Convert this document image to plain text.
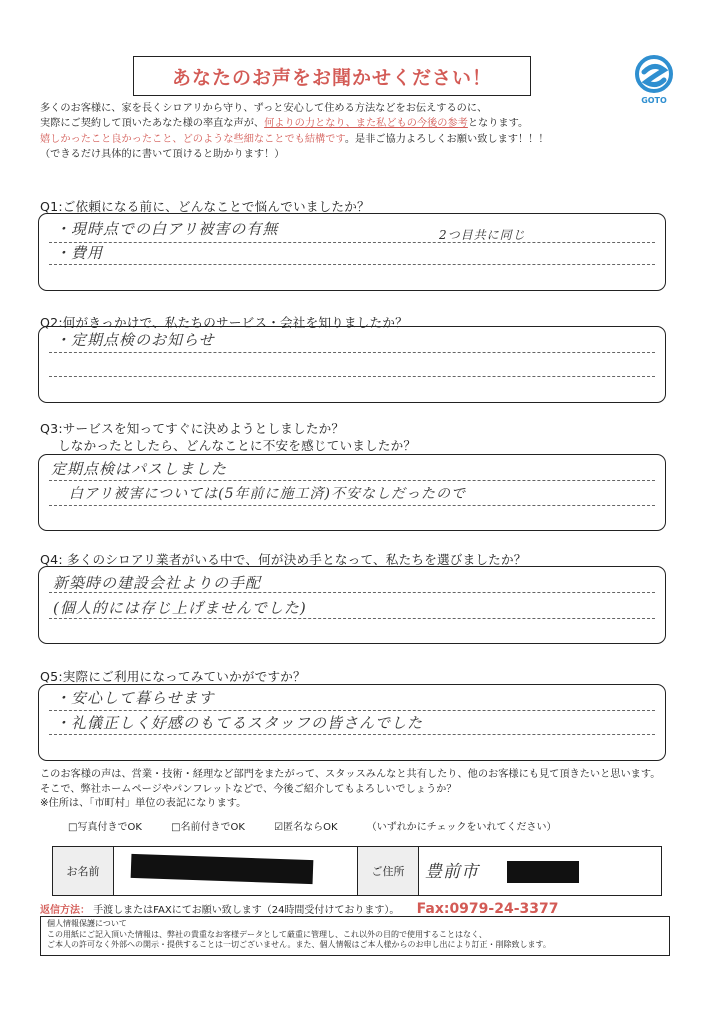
あなたのお声をお聞かせください！
GOTO
多くのお客様に、家を長くシロアリから守り、ずっと安心して住める方法などをお伝えするのに、
実際にご契約して頂いたあなた様の率直な声が、何よりの力となり、また私どもの今後の参考となります。
嬉しかったこと良かったこと、どのような些細なことでも結構です。是非ご協力よろしくお願い致します！！！
（できるだけ具体的に書いて頂けると助かります！）
Q1:ご依頼になる前に、どんなことで悩んでいましたか？
・現時点での白アリ被害の有無
・費用
2つ目共に同じ
Q2:何がきっかけで、私たちのサービス・会社を知りましたか？
・定期点検のお知らせ
Q3:サービスを知ってすぐに決めようとしましたか？
しなかったとしたら、どんなことに不安を感じていましたか？
定期点検はパスしました
白アリ被害については(5年前に施工済)不安なしだったので
Q4: 多くのシロアリ業者がいる中で、何が決め手となって、私たちを選びましたか？
新築時の建設会社よりの手配
(個人的には存じ上げませんでした)
Q5:実際にご利用になってみていかがですか？
・安心して暮らせます
・礼儀正しく好感のもてるスタッフの皆さんでした
このお客様の声は、営業・技術・経理など部門をまたがって、スタッスみんなと共有したり、他のお客様にも見て頂きたいと思います。
そこで、弊社ホームページやパンフレットなどで、今後ご紹介してもよろしいでしょうか？
※住所は、「市町村」単位の表記になります。
□写真付きでOK	□名前付きでOK	☑匿名ならOK	（いずれかにチェックをいれてください）
お名前	ご住所	豊前市
返信方法： 手渡しまたはFAXにてお願い致します（24時間受付けております）。 Fax:0979-24-3377
個人情報保護について
この用紙にご記入頂いた情報は、弊社の貴重なお客様データとして厳重に管理し、これ以外の目的で使用することはなく、
ご本人の許可なく外部への開示・提供することは一切ございません。また、個人情報はご本人様からのお申し出により訂正・削除致します。
